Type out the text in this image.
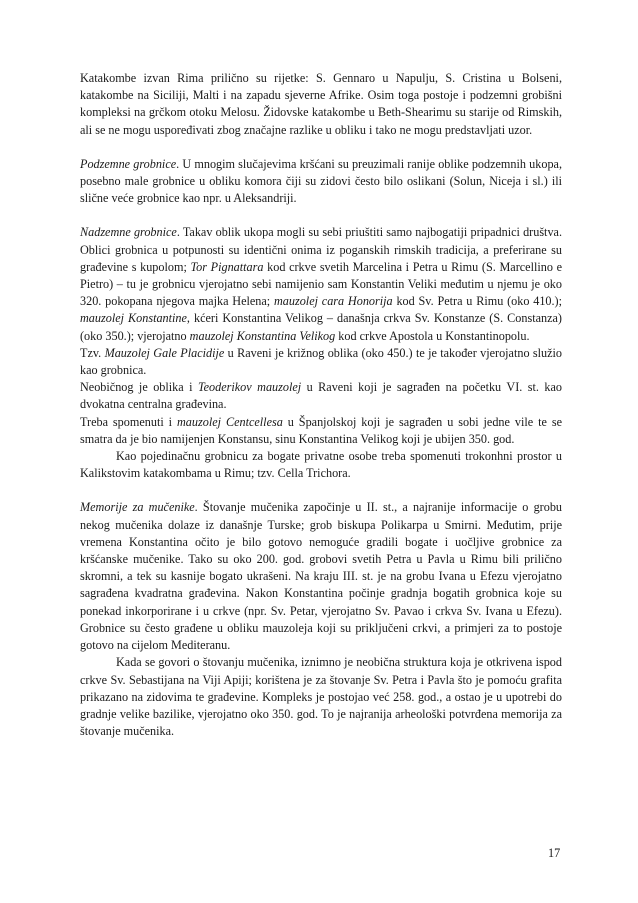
Katakombe izvan Rima prilično su rijetke: S. Gennaro u Napulju, S. Cristina u Bolseni, katakombe na Siciliji, Malti i na zapadu sjeverne Afrike. Osim toga postoje i podzemni grobišni kompleksi na grčkom otoku Melosu. Židovske katakombe u Beth-Shearimu su starije od Rimskih, ali se ne mogu uspoređivati zbog značajne razlike u obliku i tako ne mogu predstavljati uzor.

Podzemne grobnice. U mnogim slučajevima kršćani su preuzimali ranije oblike podzemnih ukopa, posebno male grobnice u obliku komora čiji su zidovi često bilo oslikani (Solun, Niceja i sl.) ili slične veće grobnice kao npr. u Aleksandriji.

Nadzemne grobnice. Takav oblik ukopa mogli su sebi priuštiti samo najbogatiji pripadnici društva. Oblici grobnica u potpunosti su identični onima iz poganskih rimskih tradicija, a preferirane su građevine s kupolom; Tor Pignattara kod crkve svetih Marcelina i Petra u Rimu (S. Marcellino e Pietro) – tu je grobnicu vjerojatno sebi namijenio sam Konstantin Veliki međutim u njemu je oko 320. pokopana njegova majka Helena; mauzolej cara Honorija kod Sv. Petra u Rimu (oko 410.); mauzolej Konstantine, kćeri Konstantina Velikog – današnja crkva Sv. Konstanze (S. Constanza) (oko 350.); vjerojatno mauzolej Konstantina Velikog kod crkve Apostola u Konstantinopolu.

Tzv. Mauzolej Gale Placidije u Raveni je križnog oblika (oko 450.) te je također vjerojatno služio kao grobnica.

Neobičnog je oblika i Teoderikov mauzolej u Raveni koji je sagrađen na početku VI. st. kao dvokatna centralna građevina.

Treba spomenuti i mauzolej Centcellesa u Španjolskoj koji je sagrađen u sobi jedne vile te se smatra da je bio namijenjen Konstansu, sinu Konstantina Velikog koji je ubijen 350. god.

Kao pojedinačnu grobnicu za bogate privatne osobe treba spomenuti trokonhni prostor u Kalikstovim katakombama u Rimu; tzv. Cella Trichora.

Memorije za mučenike. Štovanje mučenika započinje u II. st., a najranije informacije o grobu nekog mučenika dolaze iz današnje Turske; grob biskupa Polikarpa u Smirni. Međutim, prije vremena Konstantina očito je bilo gotovo nemoguće gradili bogate i uočljive grobnice za kršćanske mučenike. Tako su oko 200. god. grobovi svetih Petra u Pavla u Rimu bili prilično skromni, a tek su kasnije bogato ukrašeni. Na kraju III. st. je na grobu Ivana u Efezu vjerojatno sagrađena kvadratna građevina. Nakon Konstantina počinje gradnja bogatih grobnica koje su ponekad inkorporirane i u crkve (npr. Sv. Petar, vjerojatno Sv. Pavao i crkva Sv. Ivana u Efezu). Grobnice su često građene u obliku mauzoleja koji su priključeni crkvi, a primjeri za to postoje gotovo na cijelom Mediteranu.

Kada se govori o štovanju mučenika, iznimno je neobična struktura koja je otkrivena ispod crkve Sv. Sebastijana na Viji Apiji; korištena je za štovanje Sv. Petra i Pavla što je pomoću grafita prikazano na zidovima te građevine. Kompleks je postojao već 258. god., a ostao je u upotrebi do gradnje velike bazilike, vjerojatno oko 350. god. To je najranija arheološki potvrđena memorija za štovanje mučenika.

17
